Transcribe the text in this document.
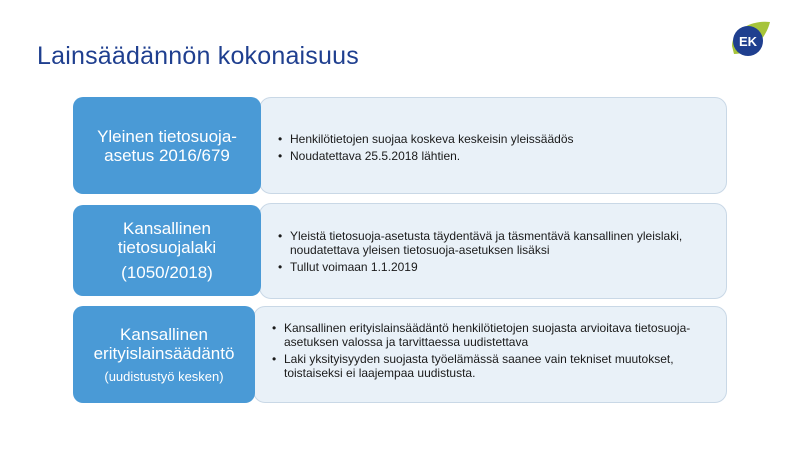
Lainsäädännön kokonaisuus
EK
• Henkilötietojen suojaa koskeva keskeisin yleissäädös
• Noudatettava 25.5.2018 lähtien.
Yleinen tietosuoja-
asetus 2016/679
• Yleistä tietosuoja-asetusta täydentävä ja täsmentävä kansallinen yleislaki, noudatettava yleisen tietosuoja-asetuksen lisäksi
• Tullut voimaan 1.1.2019
Kansallinen
tietosuojalaki
(1050/2018)
• Kansallinen erityislainsäädäntö henkilötietojen suojasta arvioitava tietosuoja-asetuksen valossa ja tarvittaessa uudistettava
• Laki yksityisyyden suojasta työelämässä saanee vain tekniset muutokset, toistaiseksi ei laajempaa uudistusta.
Kansallinen
erityislainsäädäntö
(uudistustyö kesken)
